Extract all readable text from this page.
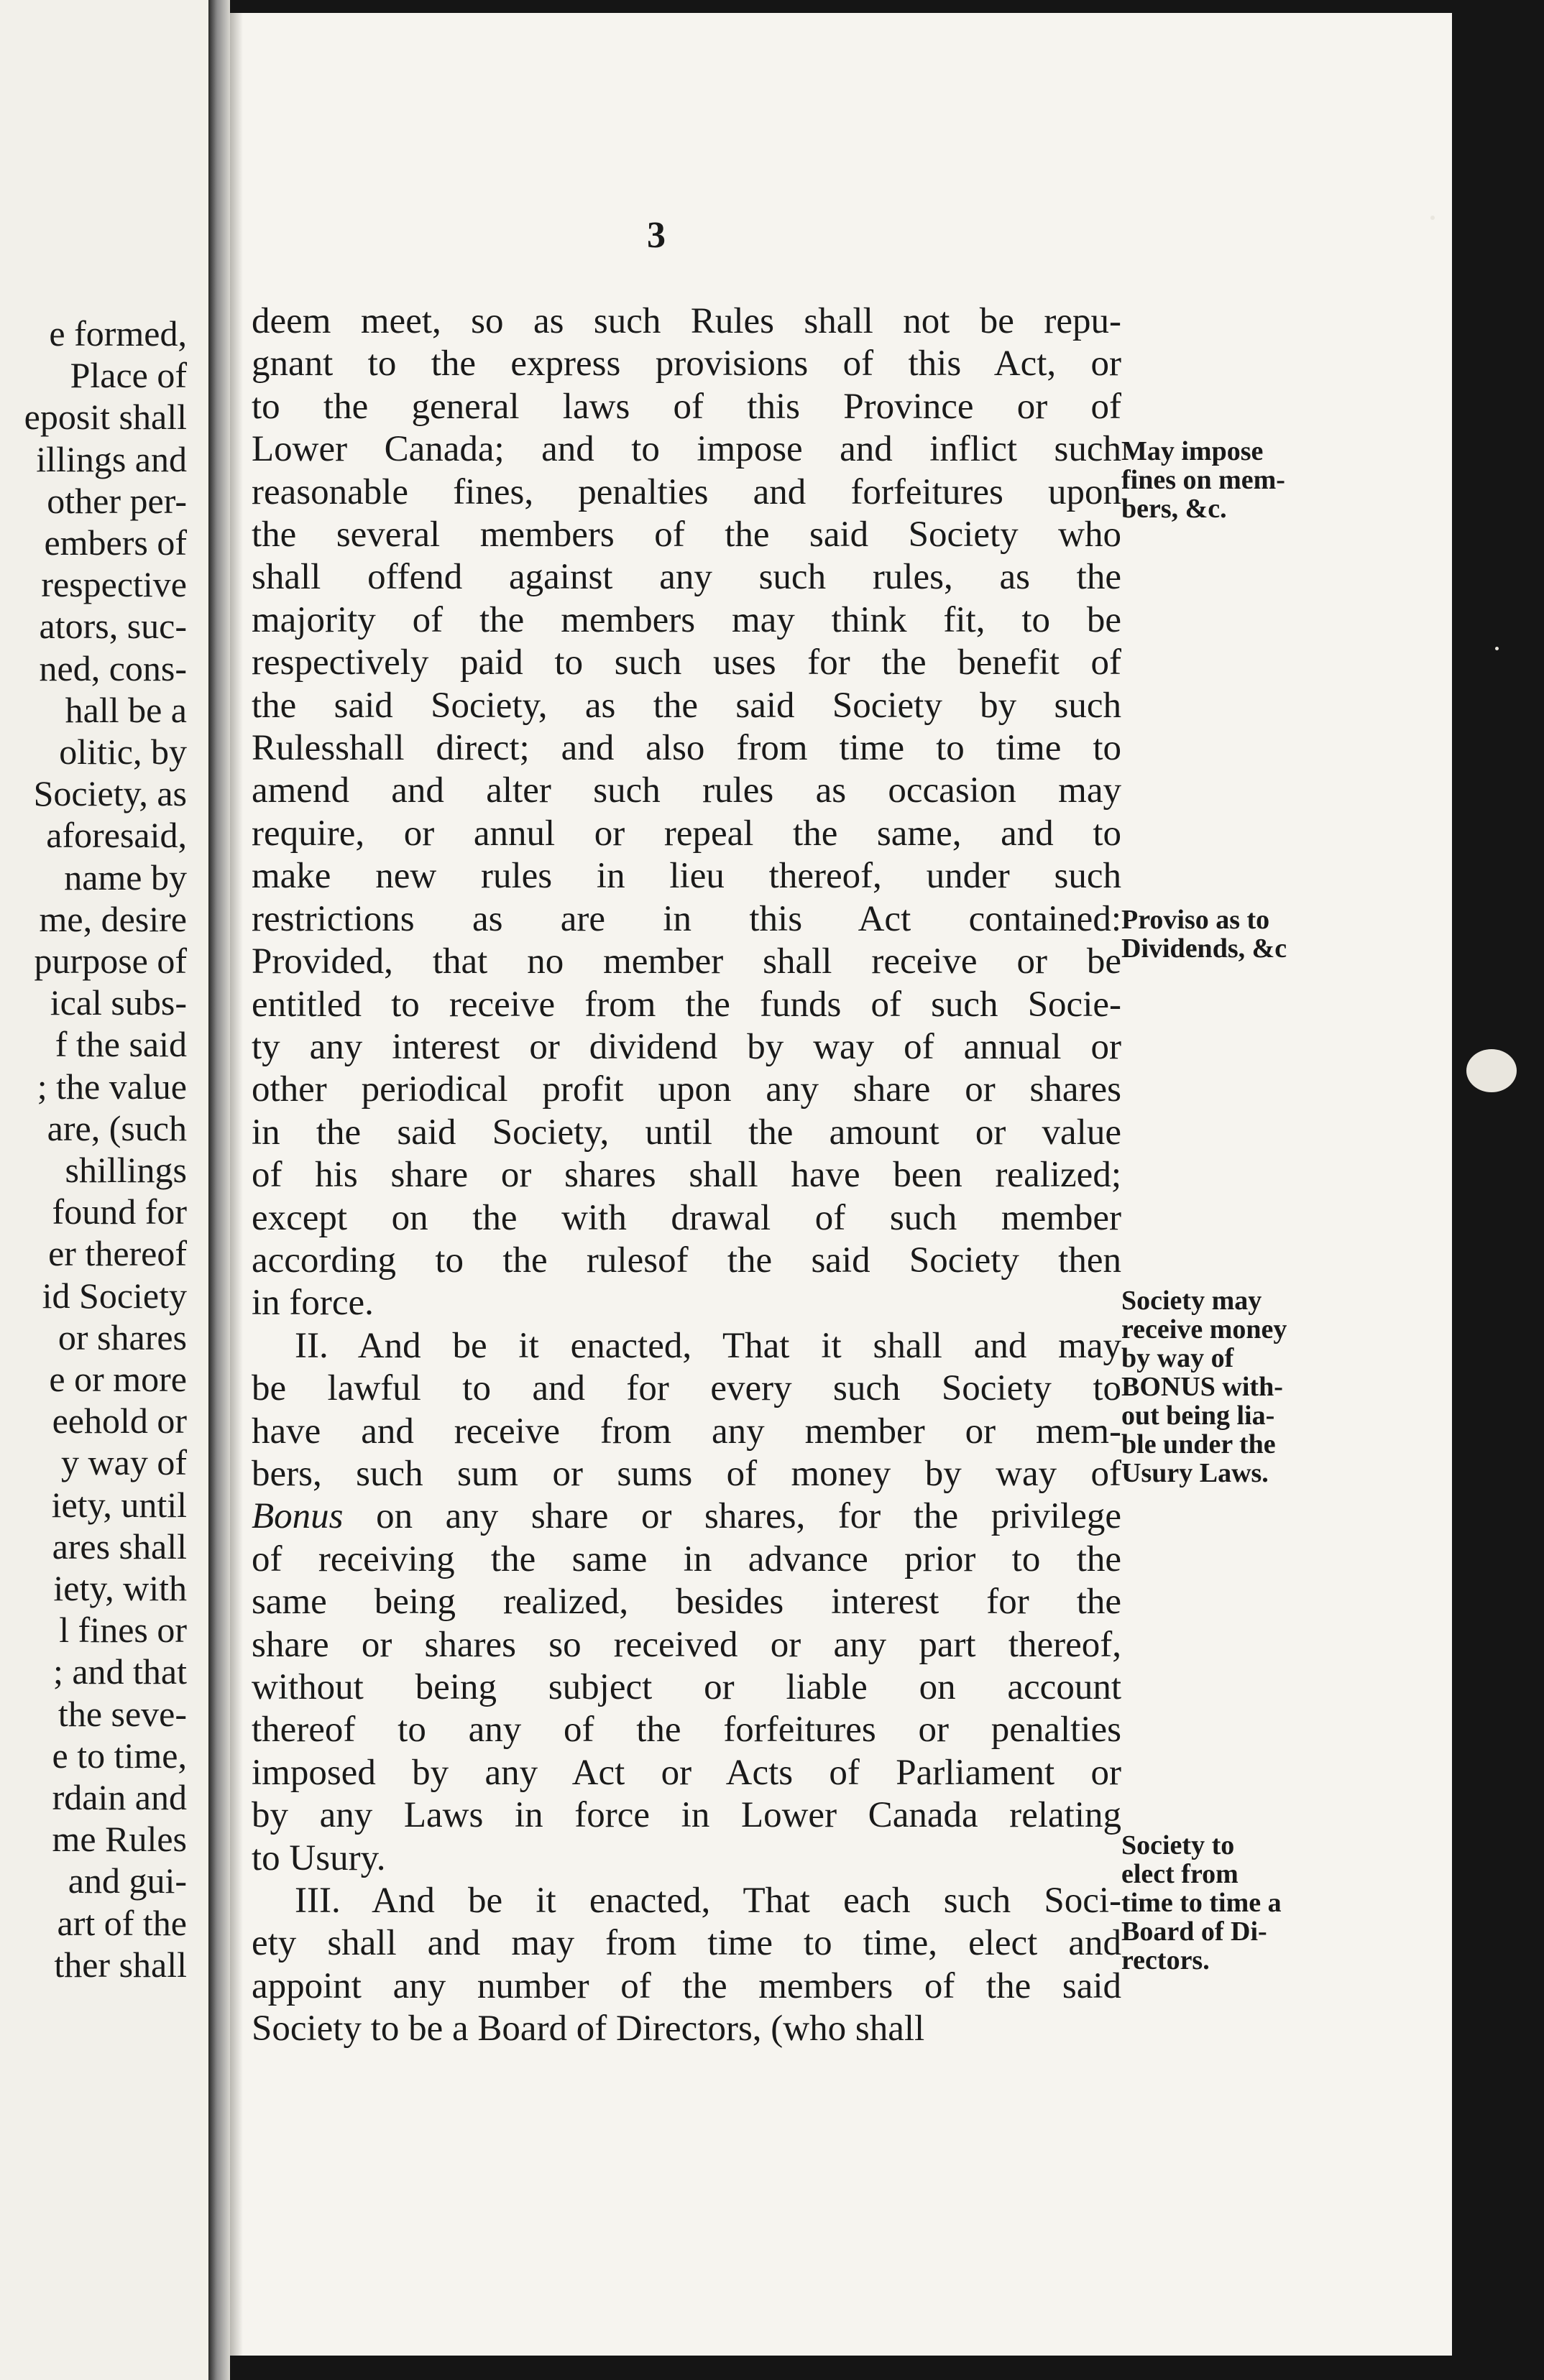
e formed,
Place of
eposit shall
illings and
other per-
embers of
respective
ators, suc-
ned, cons-
hall be a
olitic, by
Society, as
aforesaid,
name by
me, desire
purpose of
ical subs-
f the said
; the value
are, (such
shillings
found for
er thereof
id Society
or shares
e or more
eehold or
y way of
iety, until
ares shall
iety, with
l fines or
; and that
the seve-
e to time,
rdain and
me Rules
and gui-
art of the
ther shall
3
deem meet, so as such Rules shall not be repu-
gnant to the express provisions of this Act, or
to the general laws of this Province or of
Lower Canada; and to impose and inflict such
reasonable fines, penalties and forfeitures upon
the several members of the said Society who
shall offend against any such rules, as the
majority of the members may think fit, to be
respectively paid to such uses for the benefit of
the said Society, as the said Society by such
Rulesshall direct; and also from time to time to
amend and alter such rules as occasion may
require, or annul or repeal the same, and to
make new rules in lieu thereof, under such
restrictions as are in this Act contained:
Provided, that no member shall receive or be
entitled to receive from the funds of such Socie-
ty any interest or dividend by way of annual or
other periodical profit upon any share or shares
in the said Society, until the amount or value
of his share or shares shall have been realized;
except on the with drawal of such member
according to the rulesof the said Society then
in force.
II. And be it enacted, That it shall and may
be lawful to and for every such Society to
have and receive from any member or mem-
bers, such sum or sums of money by way of
Bonus on any share or shares, for the privilege
of receiving the same in advance prior to the
same being realized, besides interest for the
share or shares so received or any part thereof,
without being subject or liable on account
thereof to any of the forfeitures or penalties
imposed by any Act or Acts of Parliament or
by any Laws in force in Lower Canada relating
to Usury.
III. And be it enacted, That each such Soci-
ety shall and may from time to time, elect and
appoint any number of the members of the said
Society to be a Board of Directors, (who shall
May impose
fines on mem-
bers, &c.
Proviso as to
Dividends, &c
Society may
receive money
by way of
BONUS with-
out being lia-
ble under the
Usury Laws.
Society to
elect from
time to time a
Board of Di-
rectors.
